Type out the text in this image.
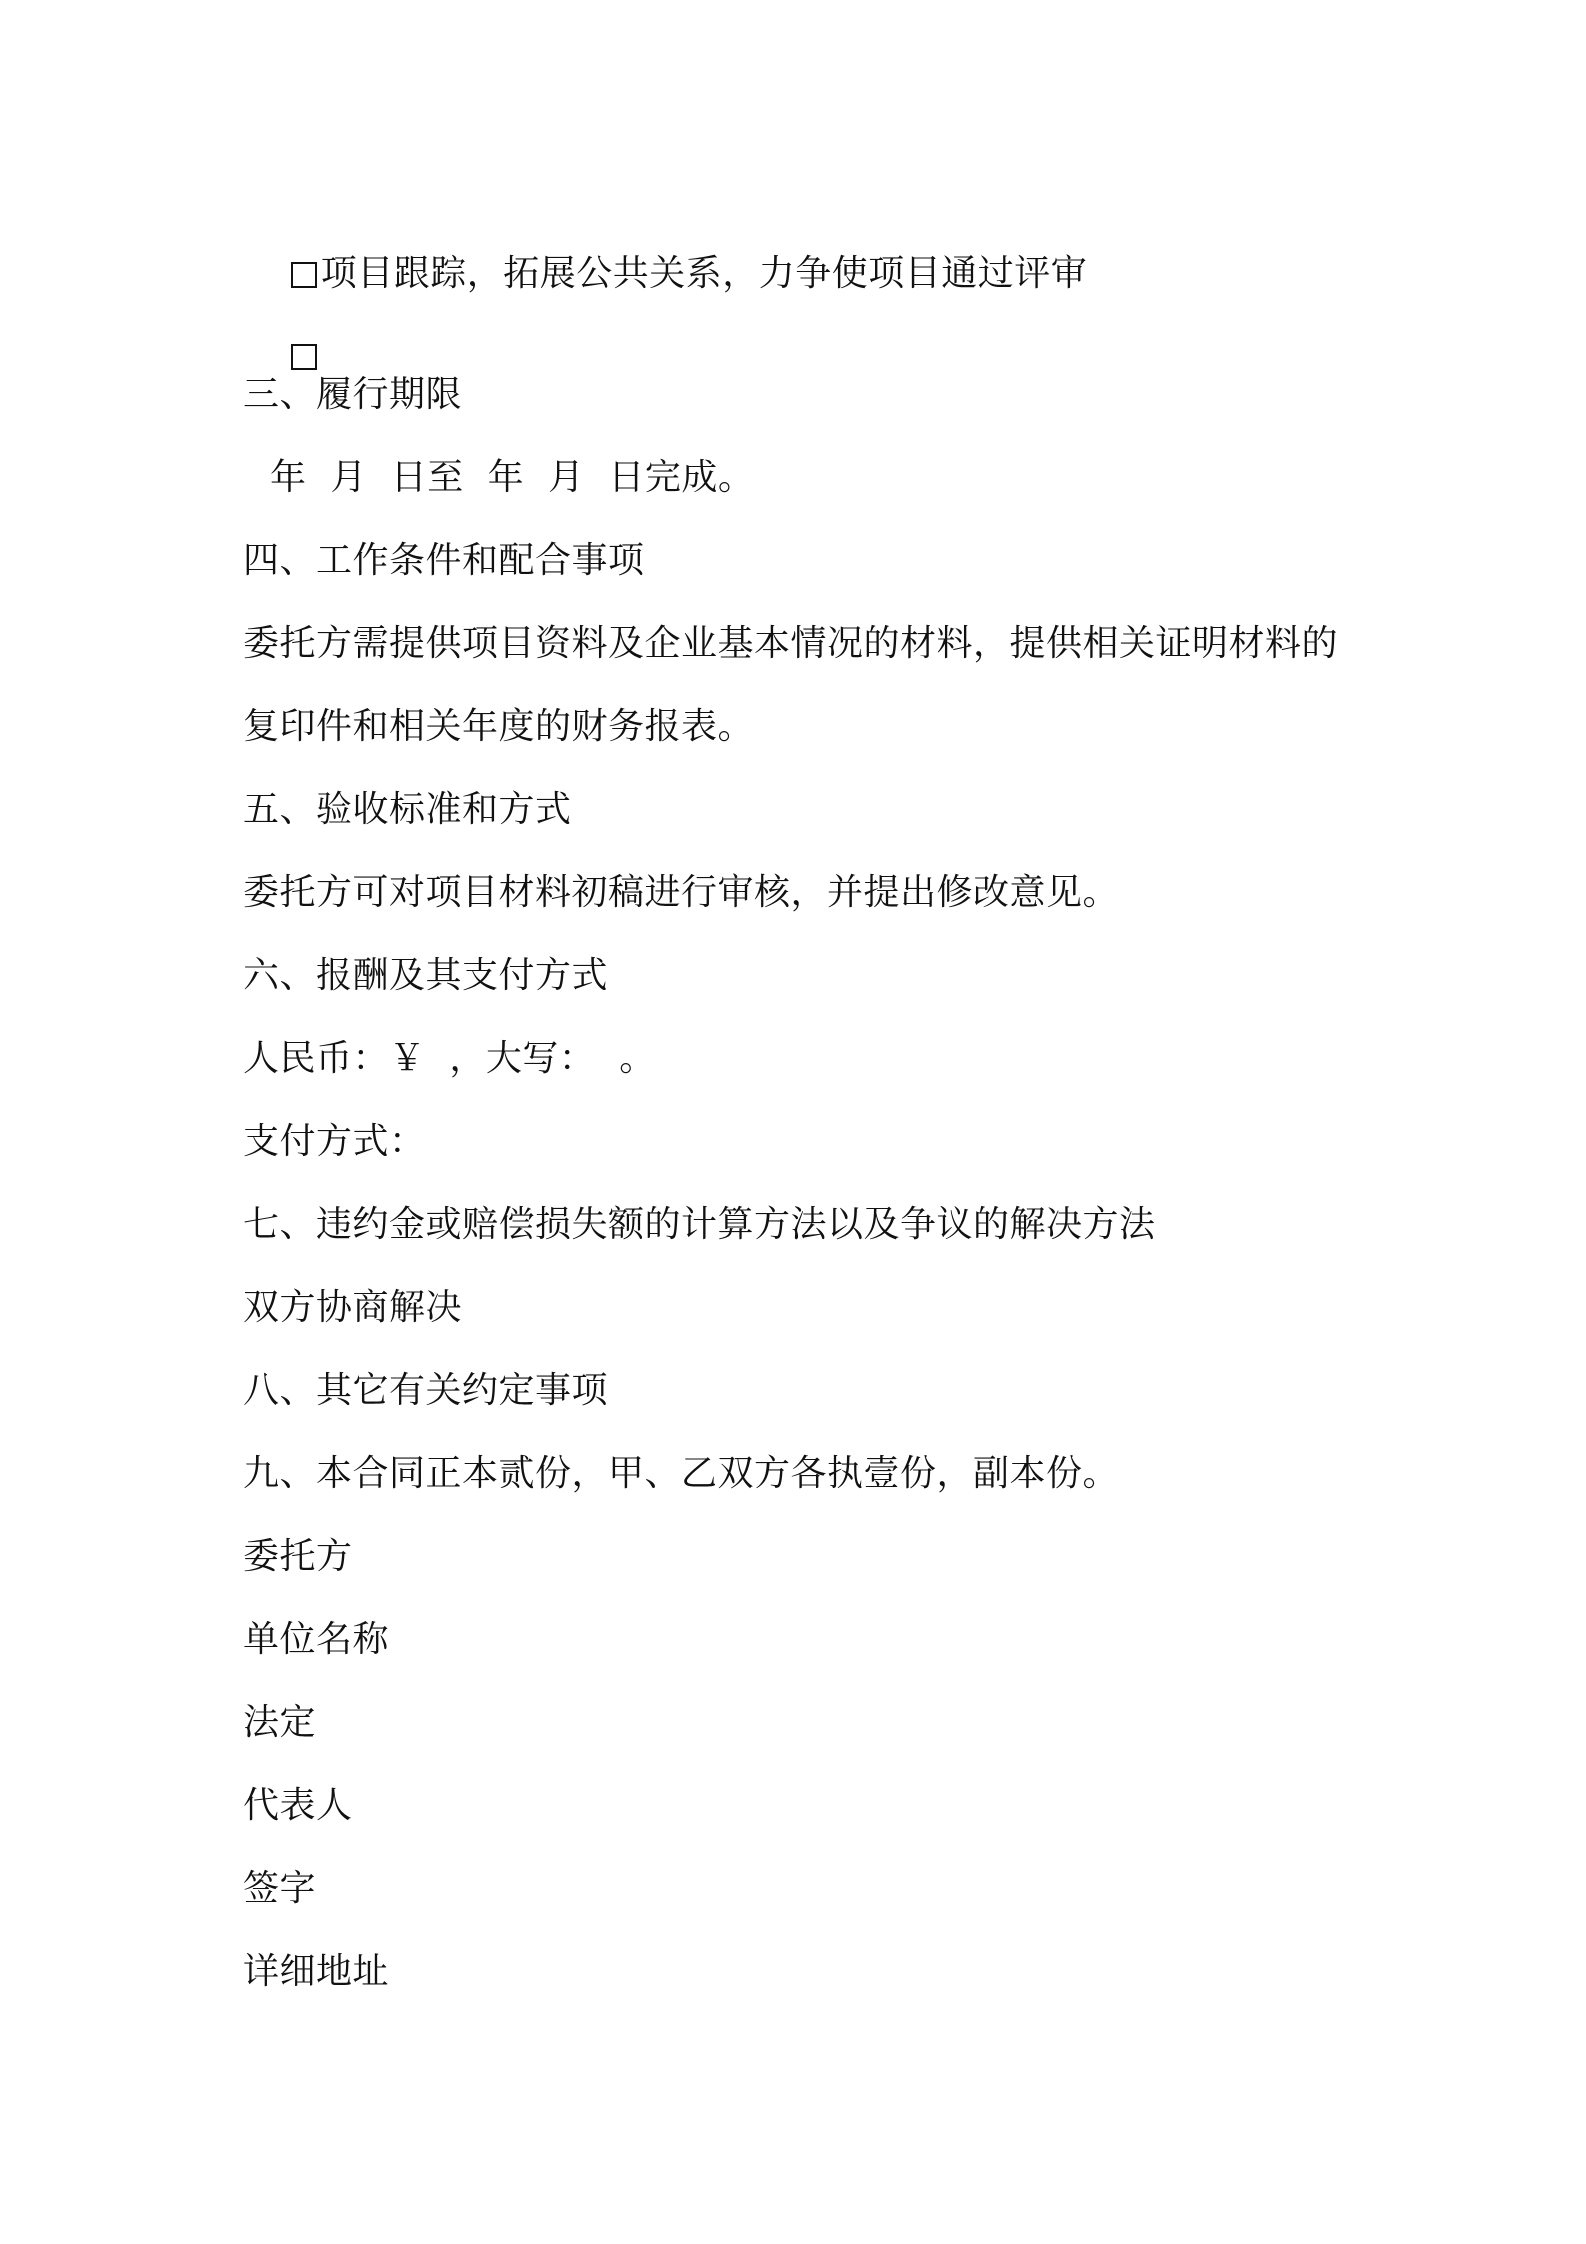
项目跟踪，拓展公共关系，力争使项目通过评审

三、履行期限
年  月  日至  年  月  日完成。
四、工作条件和配合事项
委托方需提供项目资料及企业基本情况的材料，提供相关证明材料的
复印件和相关年度的财务报表。
五、验收标准和方式
委托方可对项目材料初稿进行审核，并提出修改意见。
六、报酬及其支付方式
人民币：￥  ，大写：  。
支付方式：
七、违约金或赔偿损失额的计算方法以及争议的解决方法
双方协商解决
八、其它有关约定事项
九、本合同正本贰份，甲、乙双方各执壹份，副本份。
委托方
单位名称
法定
代表人
签字
详细地址
